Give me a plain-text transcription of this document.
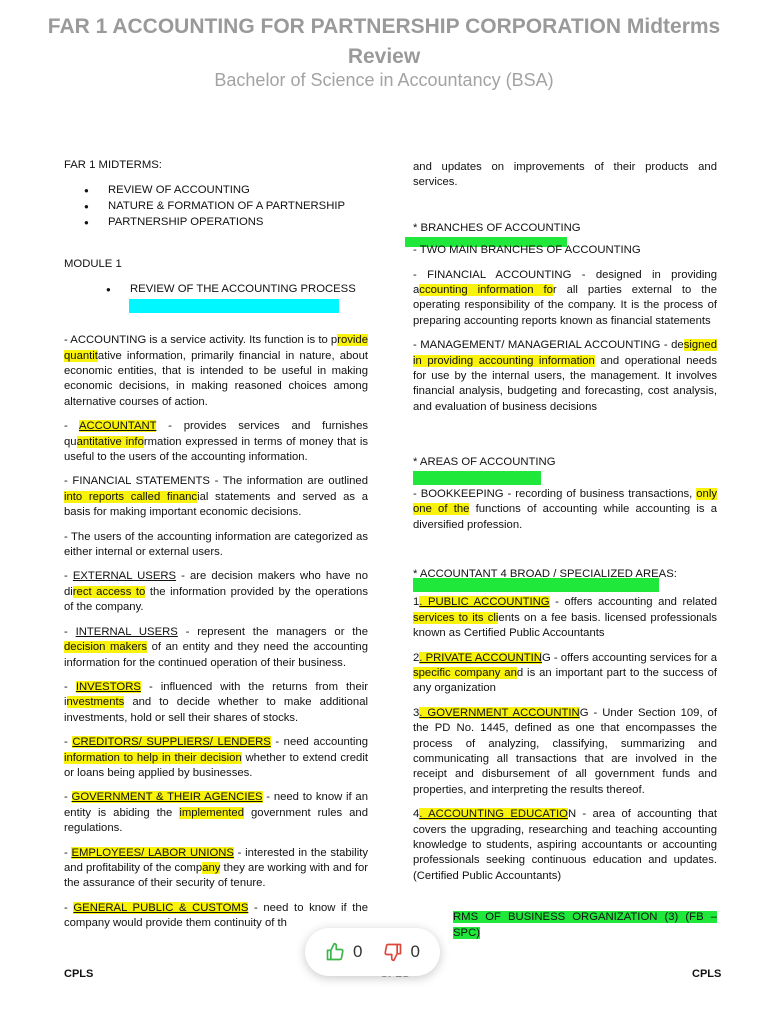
FAR 1 ACCOUNTING FOR PARTNERSHIP CORPORATION Midterms Review
Bachelor of Science in Accountancy (BSA)

FAR 1 MIDTERMS:

● REVIEW OF ACCOUNTING
● NATURE & FORMATION OF A PARTNERSHIP
● PARTNERSHIP OPERATIONS

MODULE 1

● REVIEW OF THE ACCOUNTING PROCESS

- ACCOUNTING is a service activity. Its function is to provide quantitative information, primarily financial in nature, about economic entities, that is intended to be useful in making economic decisions, in making reasoned choices among alternative courses of action.

- ACCOUNTANT - provides services and furnishes quantitative information expressed in terms of money that is useful to the users of the accounting information.

- FINANCIAL STATEMENTS - The information are outlined into reports called financial statements and served as a basis for making important economic decisions.

- The users of the accounting information are categorized as either internal or external users.

- EXTERNAL USERS - are decision makers who have no direct access to the information provided by the operations of the company.

- INTERNAL USERS - represent the managers or the decision makers of an entity and they need the accounting information for the continued operation of their business.

- INVESTORS - influenced with the returns from their investments and to decide whether to make additional investments, hold or sell their shares of stocks.

- CREDITORS/ SUPPLIERS/ LENDERS - need accounting information to help in their decision whether to extend credit or loans being applied by businesses.

- GOVERNMENT & THEIR AGENCIES - need to know if an entity is abiding the implemented government rules and regulations.

- EMPLOYEES/ LABOR UNIONS - interested in the stability and profitability of the company they are working with and for the assurance of their security of tenure.

- GENERAL PUBLIC & CUSTOMS - need to know if the company would provide them continuity of th

and updates on improvements of their products and services.

* BRANCHES OF ACCOUNTING

- TWO MAIN BRANCHES OF ACCOUNTING

- FINANCIAL ACCOUNTING - designed in providing accounting information for all parties external to the operating responsibility of the company. It is the process of preparing accounting reports known as financial statements

- MANAGEMENT/ MANAGERIAL ACCOUNTING - designed in providing accounting information and operational needs for use by the internal users, the management. It involves financial analysis, budgeting and forecasting, cost analysis, and evaluation of business decisions

* AREAS OF ACCOUNTING

- BOOKKEEPING - recording of business transactions, only one of the functions of accounting while accounting is a diversified profession.

* ACCOUNTANT 4 BROAD / SPECIALIZED AREAS:

1. PUBLIC ACCOUNTING - offers accounting and related services to its clients on a fee basis. licensed professionals known as Certified Public Accountants

2. PRIVATE ACCOUNTING - offers accounting services for a specific company and is an important part to the success of any organization

3. GOVERNMENT ACCOUNTING - Under Section 109, of the PD No. 1445, defined as one that encompasses the process of analyzing, classifying, summarizing and communicating all transactions that are involved in the receipt and disbursement of all government funds and properties, and interpreting the results thereof.

4. ACCOUNTING EDUCATION - area of accounting that covers the upgrading, researching and teaching accounting knowledge to students, aspiring accountants or accounting professionals seeking continuous education and updates. (Certified Public Accountants)

RMS OF BUSINESS ORGANIZATION (3) (FB – SPC)

CPLS	CPLS
0	0
